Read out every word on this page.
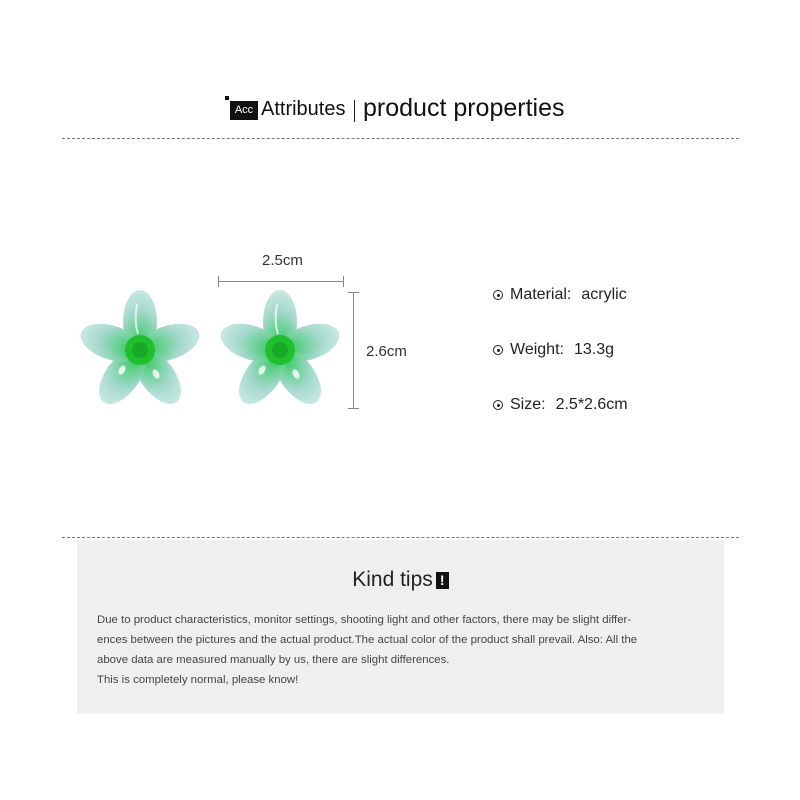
Acc Attributes product properties
2.5cm
2.6cm
Material: acrylic
Weight: 13.3g
Size: 2.5*2.6cm
Kind tips !
Due to product characteristics, monitor settings, shooting light and other factors, there may be slight differ-
ences between the pictures and the actual product.The actual color of the product shall prevail. Also: All the
above data are measured manually by us, there are slight differences.
This is completely normal, please know!
